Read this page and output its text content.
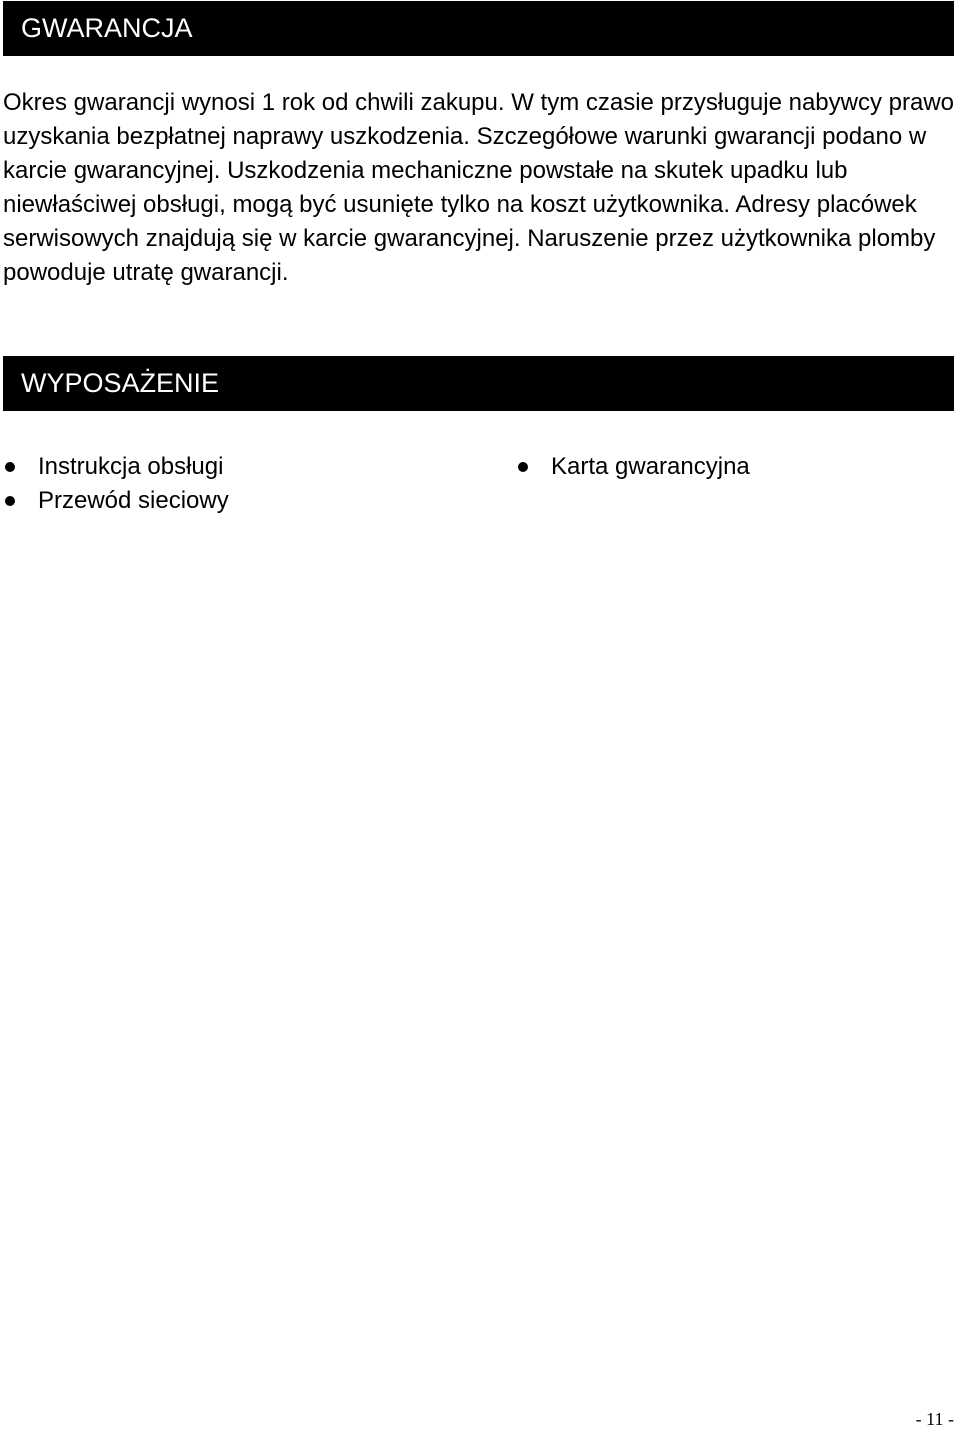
GWARANCJA

Okres gwarancji wynosi 1 rok od chwili zakupu. W tym czasie przysługuje nabywcy prawo uzyskania bezpłatnej naprawy uszkodzenia. Szczegółowe warunki gwarancji podano w karcie gwarancyjnej. Uszkodzenia mechaniczne powstałe na skutek upadku lub niewłaściwej obsługi, mogą być usunięte tylko na koszt użytkownika. Adresy placówek serwisowych znajdują się w karcie gwarancyjnej. Naruszenie przez użytkownika plomby powoduje utratę gwarancji.

WYPOSAŻENIE
Instrukcja obsługi
Przewód sieciowy
Karta gwarancyjna
- 11 -
